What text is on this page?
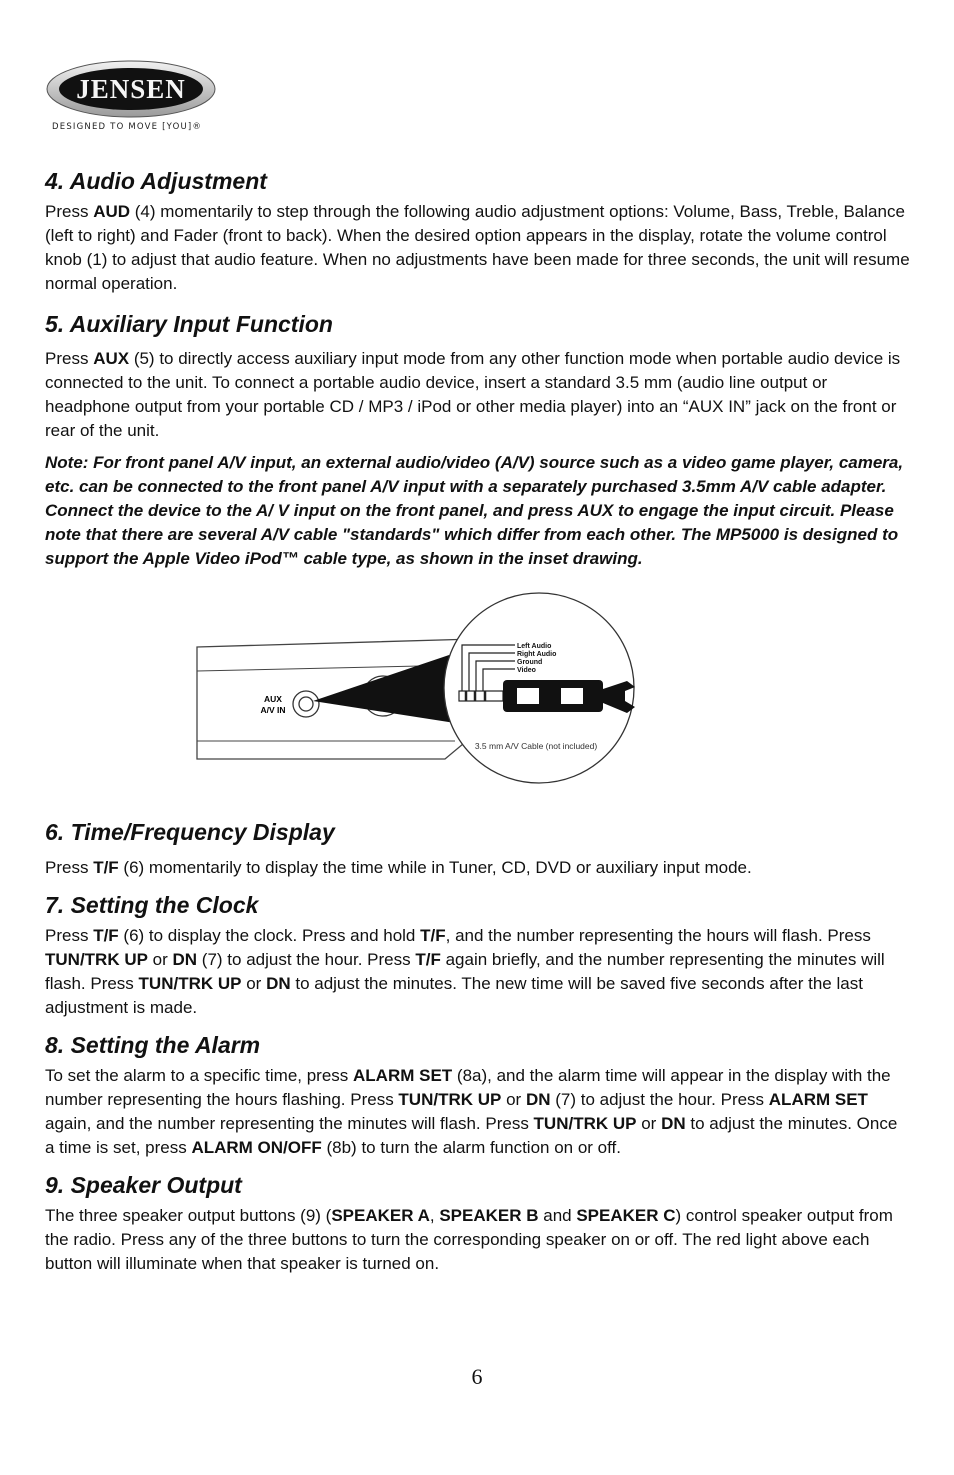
JENSEN
DESIGNED TO MOVE [YOU]®
4. Audio Adjustment

Press AUD (4) momentarily to step through the following audio adjustment options: Volume, Bass, Treble, Balance (left to right) and Fader (front to back). When the desired option appears in the display, rotate the volume control knob (1) to adjust that audio feature. When no adjustments have been made for three seconds, the unit will resume normal operation.

5. Auxiliary Input Function

Press AUX (5) to directly access auxiliary input mode from any other function mode when portable audio device is connected to the unit. To connect a portable audio device, insert a standard 3.5 mm (audio line output or headphone output from your portable CD / MP3 / iPod or other media player) into an “AUX IN” jack on the front or rear of the unit.

Note: For front panel A/V input, an external audio/video (A/V) source such as a video game player, camera, etc. can be connected to the front panel A/V input with a separately purchased 3.5mm A/V cable adapter. Connect the device to the A/ V input on the front panel, and press AUX to engage the input circuit. Please note that there are several A/V cable "standards" which differ from each other. The MP5000 is designed to support the Apple Video iPod™ cable type, as shown in the inset drawing.

AUX
A/V IN
Left Audio
Right Audio
Ground
Video
3.5 mm A/V Cable (not included)
6. Time/Frequency Display

Press T/F (6) momentarily to display the time while in Tuner, CD, DVD or auxiliary input mode.

7. Setting the Clock

Press T/F (6) to display the clock. Press and hold T/F, and the number representing the hours will flash. Press TUN/TRK UP or DN (7) to adjust the hour. Press T/F again briefly, and the number representing the minutes will flash. Press TUN/TRK UP or DN to adjust the minutes. The new time will be saved five seconds after the last adjustment is made.

8. Setting the Alarm

To set the alarm to a specific time, press ALARM SET (8a), and the alarm time will appear in the display with the number representing the hours flashing. Press TUN/TRK UP or DN (7) to adjust the hour. Press ALARM SET again, and the number representing the minutes will flash. Press TUN/TRK UP or DN to adjust the minutes. Once a time is set, press ALARM ON/OFF (8b) to turn the alarm function on or off.

9. Speaker Output

The three speaker output buttons (9) (SPEAKER A, SPEAKER B and SPEAKER C) control speaker output from the radio. Press any of the three buttons to turn the corresponding speaker on or off. The red light above each button will illuminate when that speaker is turned on.

6
